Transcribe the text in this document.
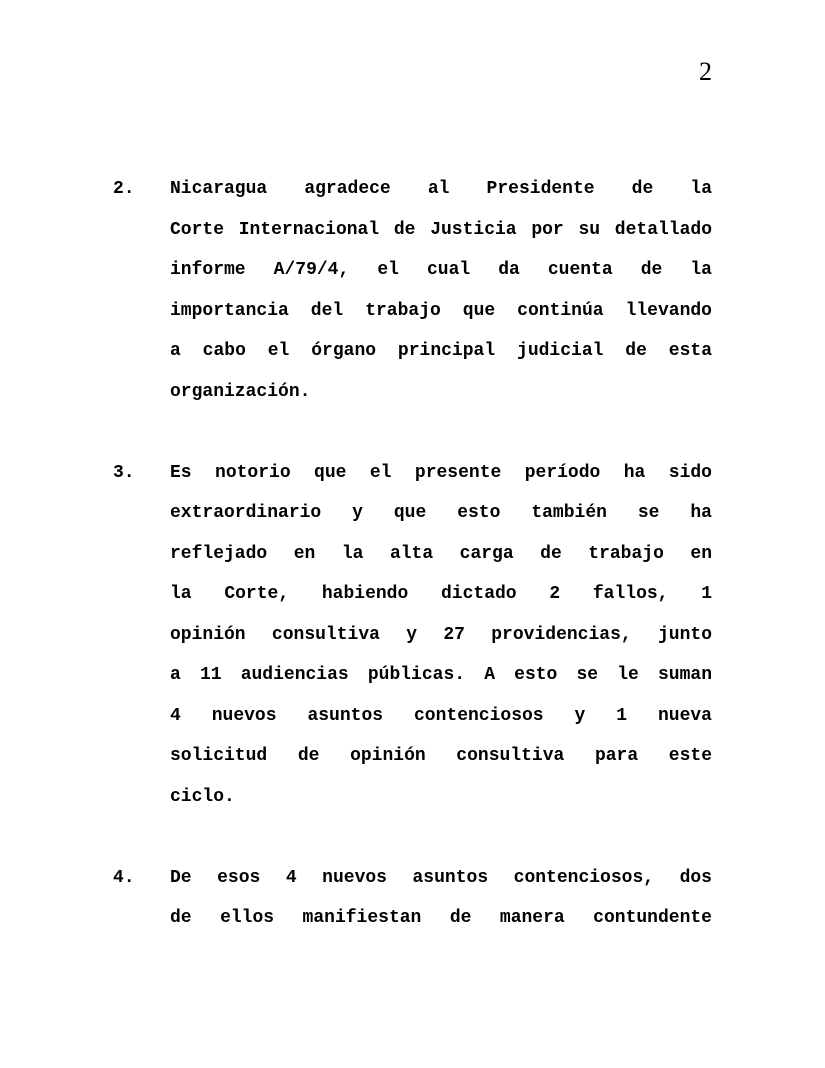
2
2. Nicaragua agradece al Presidente de la
Corte Internacional de Justicia por su detallado
informe A/79/4, el cual da cuenta de la
importancia del trabajo que continúa llevando
a cabo el órgano principal judicial de esta
organización.
3. Es notorio que el presente período ha sido
extraordinario y que esto también se ha
reflejado en la alta carga de trabajo en
la Corte, habiendo dictado 2 fallos, 1
opinión consultiva y 27 providencias, junto
a 11 audiencias públicas. A esto se le suman
4 nuevos asuntos contenciosos y 1 nueva
solicitud de opinión consultiva para este
ciclo.
4. De esos 4 nuevos asuntos contenciosos, dos
de ellos manifiestan de manera contundente
